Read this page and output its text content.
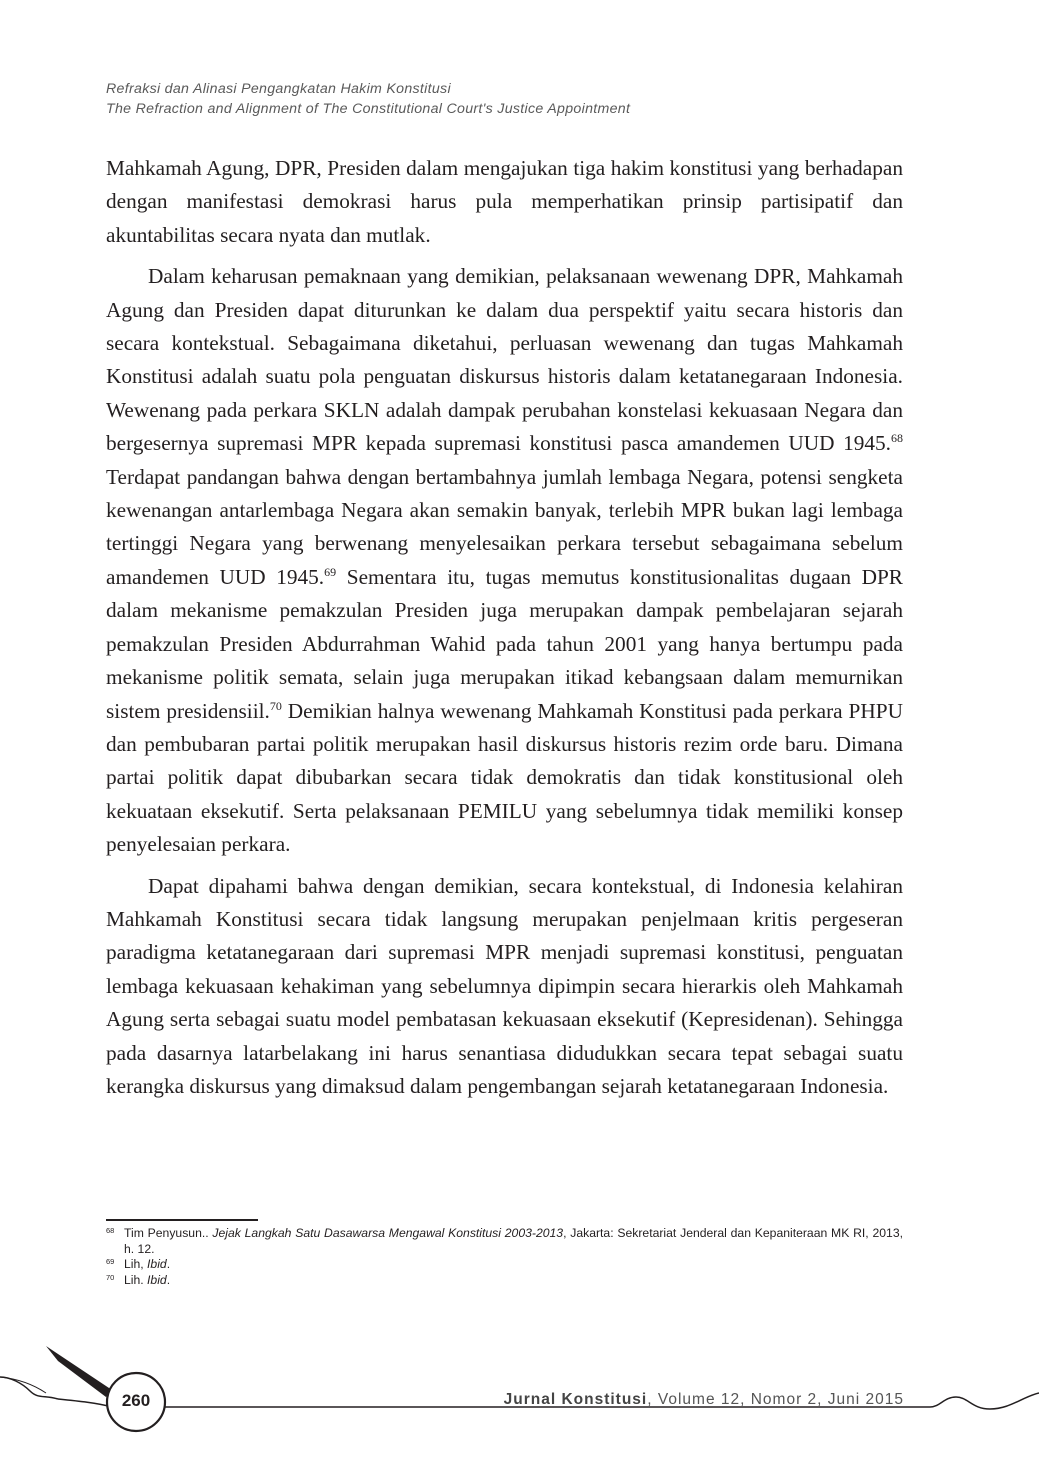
Refraksi dan Alinasi Pengangkatan Hakim Konstitusi
The Refraction and Alignment of The Constitutional Court's Justice Appointment

Mahkamah Agung, DPR, Presiden dalam mengajukan tiga hakim konstitusi yang berhadapan dengan manifestasi demokrasi harus pula memperhatikan prinsip partisipatif dan akuntabilitas secara nyata dan mutlak.

Dalam keharusan pemaknaan yang demikian, pelaksanaan wewenang DPR, Mahkamah Agung dan Presiden dapat diturunkan ke dalam dua perspektif yaitu secara historis dan secara kontekstual. Sebagaimana diketahui, perluasan wewenang dan tugas Mahkamah Konstitusi adalah suatu pola penguatan diskursus historis dalam ketatanegaraan Indonesia. Wewenang pada perkara SKLN adalah dampak perubahan konstelasi kekuasaan Negara dan bergesernya supremasi MPR kepada supremasi konstitusi pasca amandemen UUD 1945.68 Terdapat pandangan bahwa dengan bertambahnya jumlah lembaga Negara, potensi sengketa kewenangan antarlembaga Negara akan semakin banyak, terlebih MPR bukan lagi lembaga tertinggi Negara yang berwenang menyelesaikan perkara tersebut sebagaimana sebelum amandemen UUD 1945.69 Sementara itu, tugas memutus konstitusionalitas dugaan DPR dalam mekanisme pemakzulan Presiden juga merupakan dampak pembelajaran sejarah pemakzulan Presiden Abdurrahman Wahid pada tahun 2001 yang hanya bertumpu pada mekanisme politik semata, selain juga merupakan itikad kebangsaan dalam memurnikan sistem presidensiil.$^{70}$ Demikian halnya wewenang Mahkamah Konstitusi pada perkara PHPU dan pembubaran partai politik merupakan hasil diskursus historis rezim orde baru. Dimana partai politik dapat dibubarkan secara tidak demokratis dan tidak konstitusional oleh kekuataan eksekutif. Serta pelaksanaan PEMILU yang sebelumnya tidak memiliki konsep penyelesaian perkara.

Dapat dipahami bahwa dengan demikian, secara kontekstual, di Indonesia kelahiran Mahkamah Konstitusi secara tidak langsung merupakan penjelmaan kritis pergeseran paradigma ketatanegaraan dari supremasi MPR menjadi supremasi konstitusi, penguatan lembaga kekuasaan kehakiman yang sebelumnya dipimpin secara hierarkis oleh Mahkamah Agung serta sebagai suatu model pembatasan kekuasaan eksekutif (Kepresidenan). Sehingga pada dasarnya latarbelakang ini harus senantiasa didudukkan secara tepat sebagai suatu kerangka diskursus yang dimaksud dalam pengembangan sejarah ketatanegaraan Indonesia.

68 Tim Penyusun.. Jejak Langkah Satu Dasawarsa Mengawal Konstitusi 2003-2013, Jakarta: Sekretariat Jenderal dan Kepaniteraan MK RI, 2013, h. 12.
69 Lih, Ibid.
70 Lih. Ibid.
260	Jurnal Konstitusi, Volume 12, Nomor 2, Juni 2015
